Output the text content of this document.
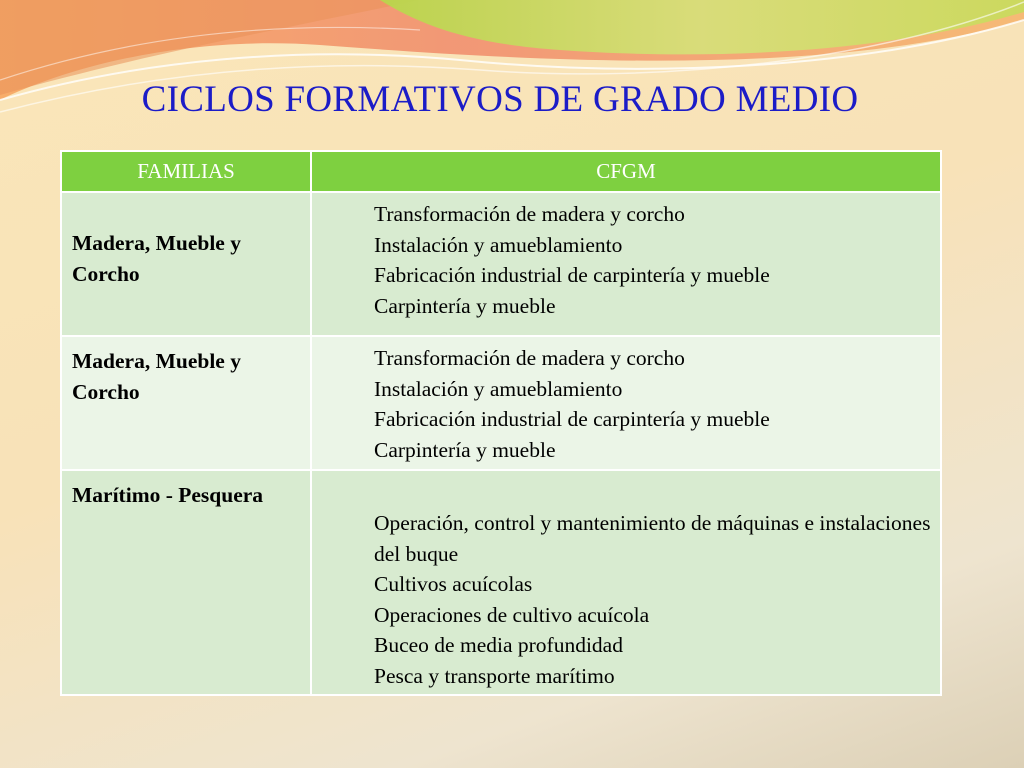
CICLOS FORMATIVOS DE GRADO MEDIO
FAMILIAS	CFGM
Madera, Mueble y Corcho	Transformación de madera y corcho
Instalación y amueblamiento
Fabricación industrial de carpintería y mueble
Carpintería y mueble

Madera, Mueble y Corcho	Transformación de madera y corcho
Instalación y amueblamiento
Fabricación industrial de carpintería y mueble
Carpintería y mueble

Marítimo - Pesquera	Operación, control y mantenimiento de máquinas e instalaciones del buque
Cultivos acuícolas
Operaciones de cultivo acuícola
Buceo de media profundidad
Pesca y transporte marítimo
